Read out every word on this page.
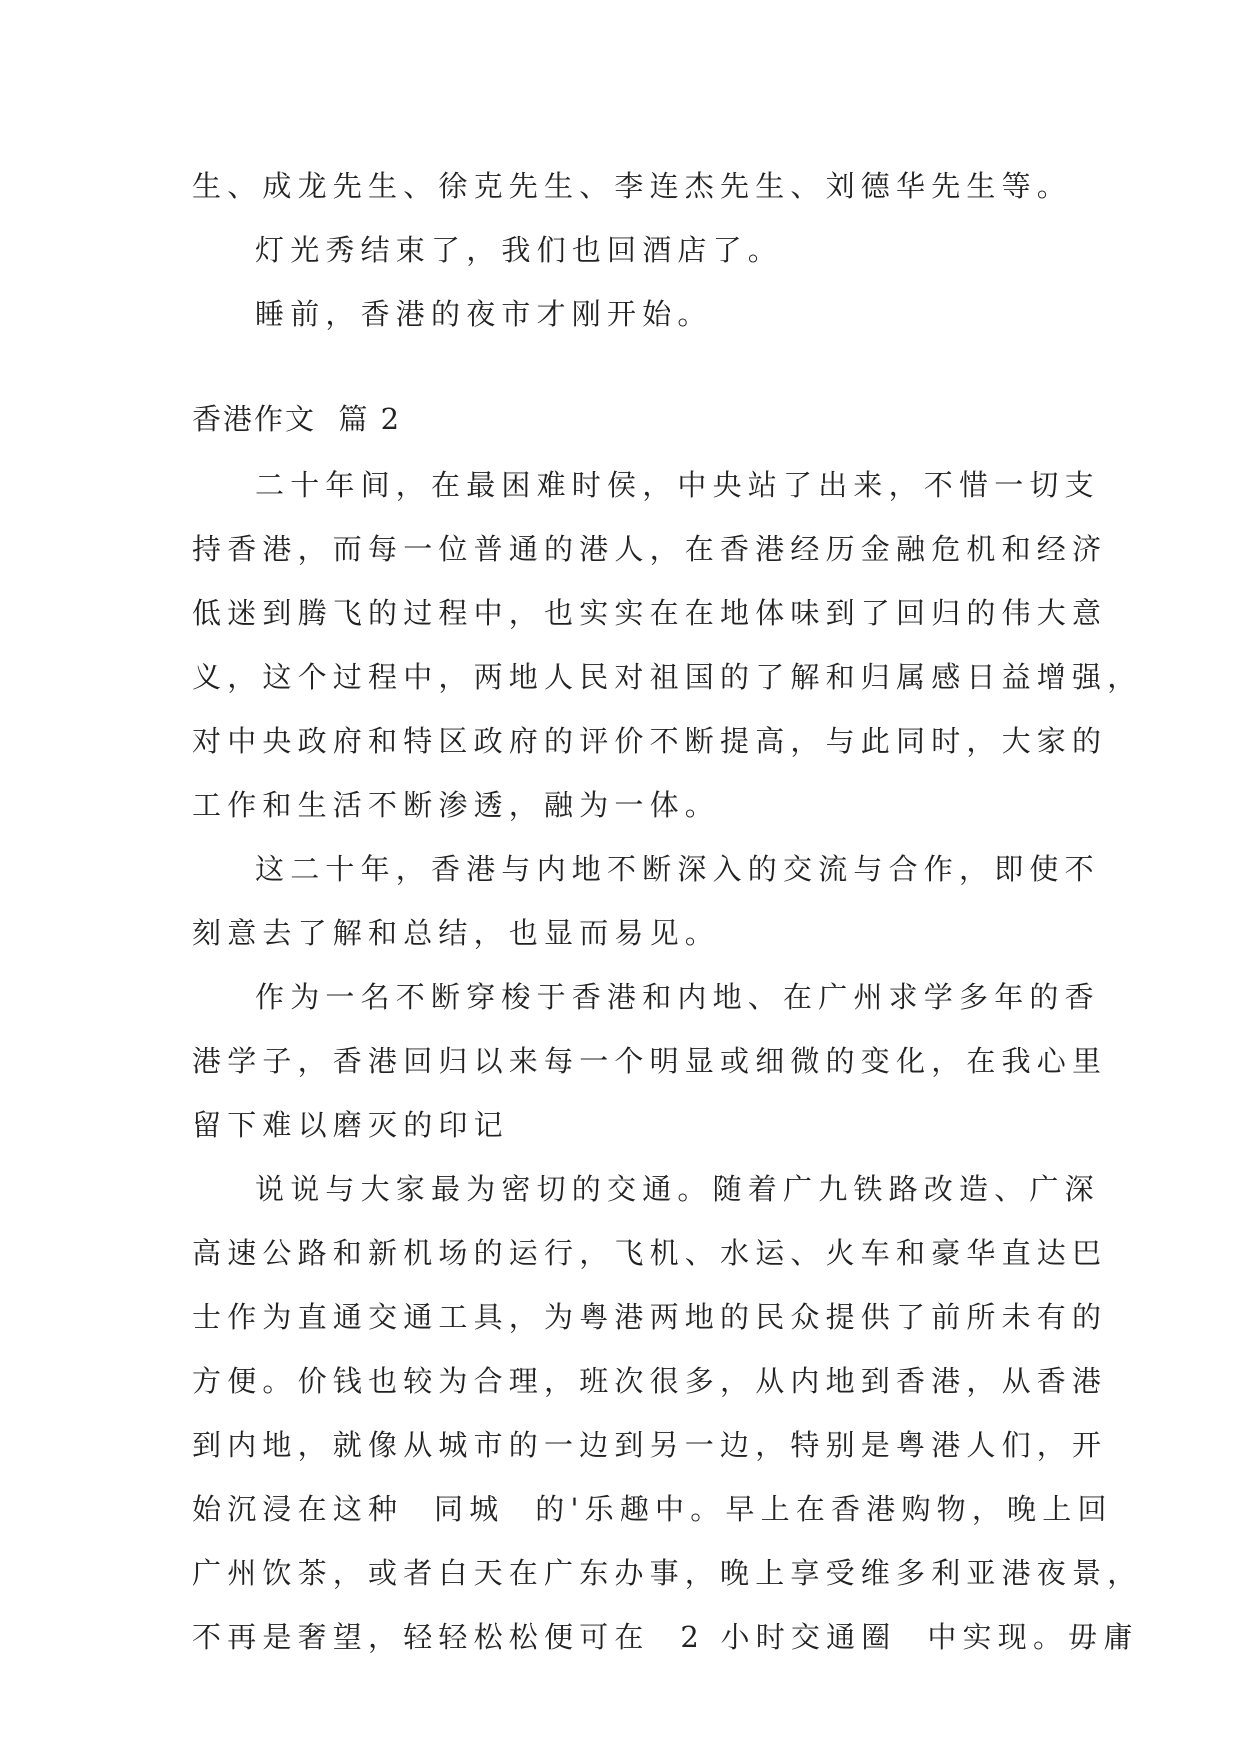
生、成龙先生、徐克先生、李连杰先生、刘德华先生等。
灯光秀结束了，我们也回酒店了。
睡前，香港的夜市才刚开始。
香港作文  篇 2
二十年间，在最困难时侯，中央站了出来，不惜一切支
持香港，而每一位普通的港人，在香港经历金融危机和经济
低迷到腾飞的过程中，也实实在在地体味到了回归的伟大意
义，这个过程中，两地人民对祖国的了解和归属感日益增强，
对中央政府和特区政府的评价不断提高，与此同时，大家的
工作和生活不断渗透，融为一体。
这二十年，香港与内地不断深入的交流与合作，即使不
刻意去了解和总结，也显而易见。
作为一名不断穿梭于香港和内地、在广州求学多年的香
港学子，香港回归以来每一个明显或细微的变化，在我心里
留下难以磨灭的印记
说说与大家最为密切的交通。随着广九铁路改造、广深
高速公路和新机场的运行，飞机、水运、火车和豪华直达巴
士作为直通交通工具，为粤港两地的民众提供了前所未有的
方便。价钱也较为合理，班次很多，从内地到香港，从香港
到内地，就像从城市的一边到另一边，特别是粤港人们，开
始沉浸在这种  同城  的'乐趣中。早上在香港购物，晚上回
广州饮茶，或者白天在广东办事，晚上享受维多利亚港夜景，
不再是奢望，轻轻松松便可在  2 小时交通圈  中实现。毋庸
